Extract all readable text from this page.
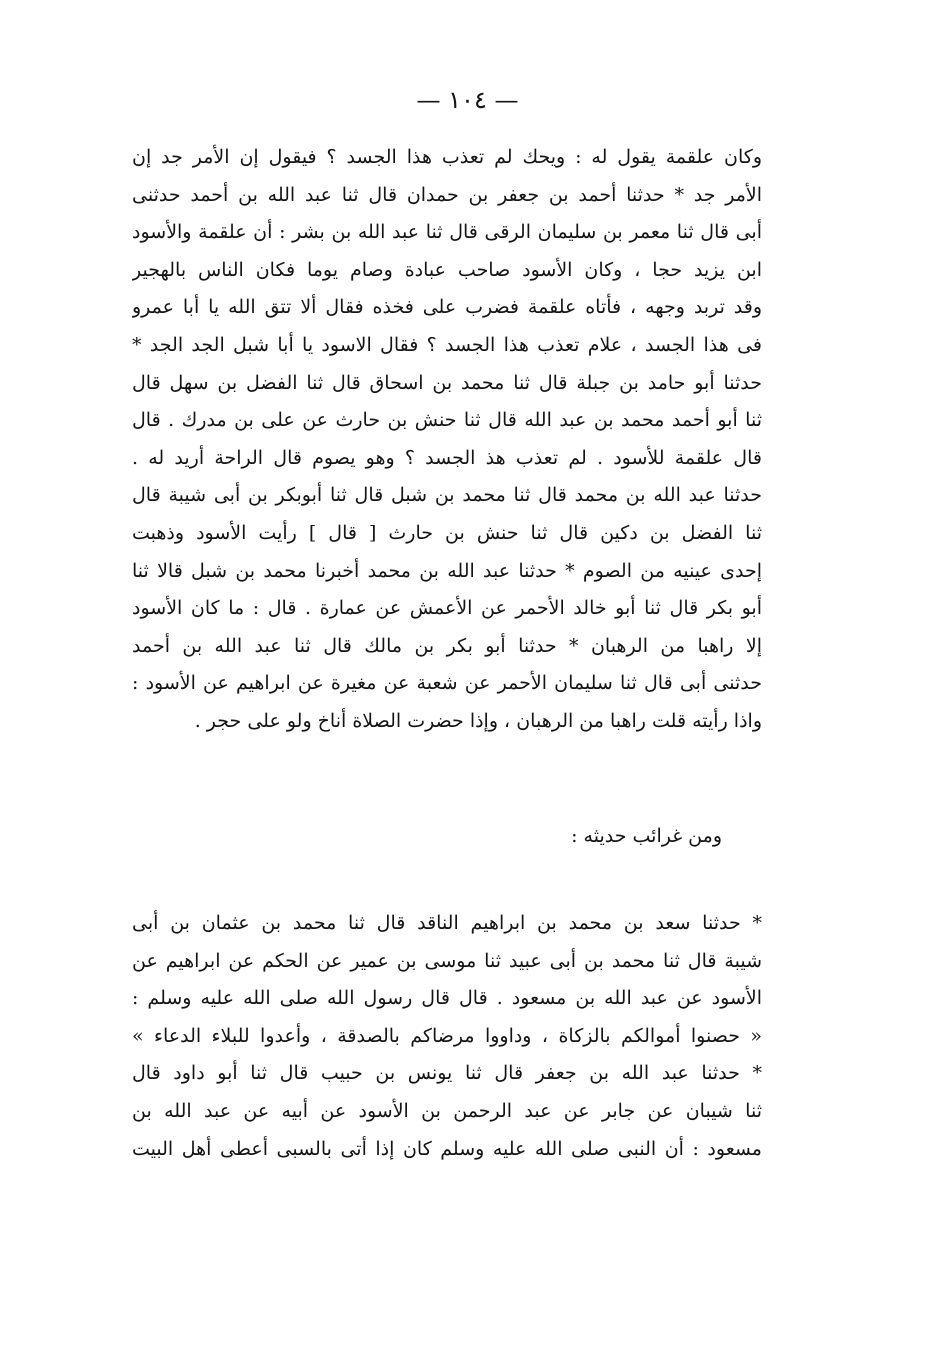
— ١٠٤ —
وكان علقمة يقول له : ويحك لم تعذب هذا الجسد ؟ فيقول إن الأمر جد إن
الأمر جد * حدثنا أحمد بن جعفر بن حمدان قال ثنا عبد الله بن أحمد حدثنى
أبى قال ثنا معمر بن سليمان الرقى قال ثنا عبد الله بن بشر : أن علقمة والأسود
ابن يزيد حجا ، وكان الأسود صاحب عبادة وصام يوما فكان الناس بالهجير
وقد تربد وجهه ، فأتاه علقمة فضرب على فخذه فقال ألا تتق الله يا أبا عمرو
فى هذا الجسد ، علام تعذب هذا الجسد ؟ فقال الاسود يا أبا شبل الجد الجد *
حدثنا أبو حامد بن جبلة قال ثنا محمد بن اسحاق قال ثنا الفضل بن سهل قال
ثنا أبو أحمد محمد بن عبد الله قال ثنا حنش بن حارث عن على بن مدرك . قال
قال علقمة للأسود . لم تعذب هذ الجسد ؟ وهو يصوم قال الراحة أريد له .
حدثنا عبد الله بن محمد قال ثنا محمد بن شبل قال ثنا أبوبكر بن أبى شيبة قال
ثنا الفضل بن دكين قال ثنا حنش بن حارث [ قال ] رأيت الأسود وذهبت
إحدى عينيه من الصوم * حدثنا عبد الله بن محمد أخبرنا محمد بن شبل قالا ثنا
أبو بكر قال ثنا أبو خالد الأحمر عن الأعمش عن عمارة . قال : ما كان الأسود
إلا راهبا من الرهبان * حدثنا أبو بكر بن مالك قال ثنا عبد الله بن أحمد
حدثنى أبى قال ثنا سليمان الأحمر عن شعبة عن مغيرة عن ابراهيم عن الأسود :
واذا رأيته قلت راهبا من الرهبان ، وإذا حضرت الصلاة أناخ ولو على حجر .
ومن غرائب حديثه :
* حدثنا سعد بن محمد بن ابراهيم الناقد قال ثنا محمد بن عثمان بن أبى
شيبة قال ثنا محمد بن أبى عبيد ثنا موسى بن عمير عن الحكم عن ابراهيم عن
الأسود عن عبد الله بن مسعود . قال قال رسول الله صلى الله عليه وسلم :
« حصنوا أموالكم بالزكاة ، وداووا مرضاكم بالصدقة ، وأعدوا للبلاء الدعاء »
* حدثنا عبد الله بن جعفر قال ثنا يونس بن حبيب قال ثنا أبو داود قال
ثنا شيبان عن جابر عن عبد الرحمن بن الأسود عن أبيه عن عبد الله بن
مسعود : أن النبى صلى الله عليه وسلم كان إذا أتى بالسبى أعطى أهل البيت
